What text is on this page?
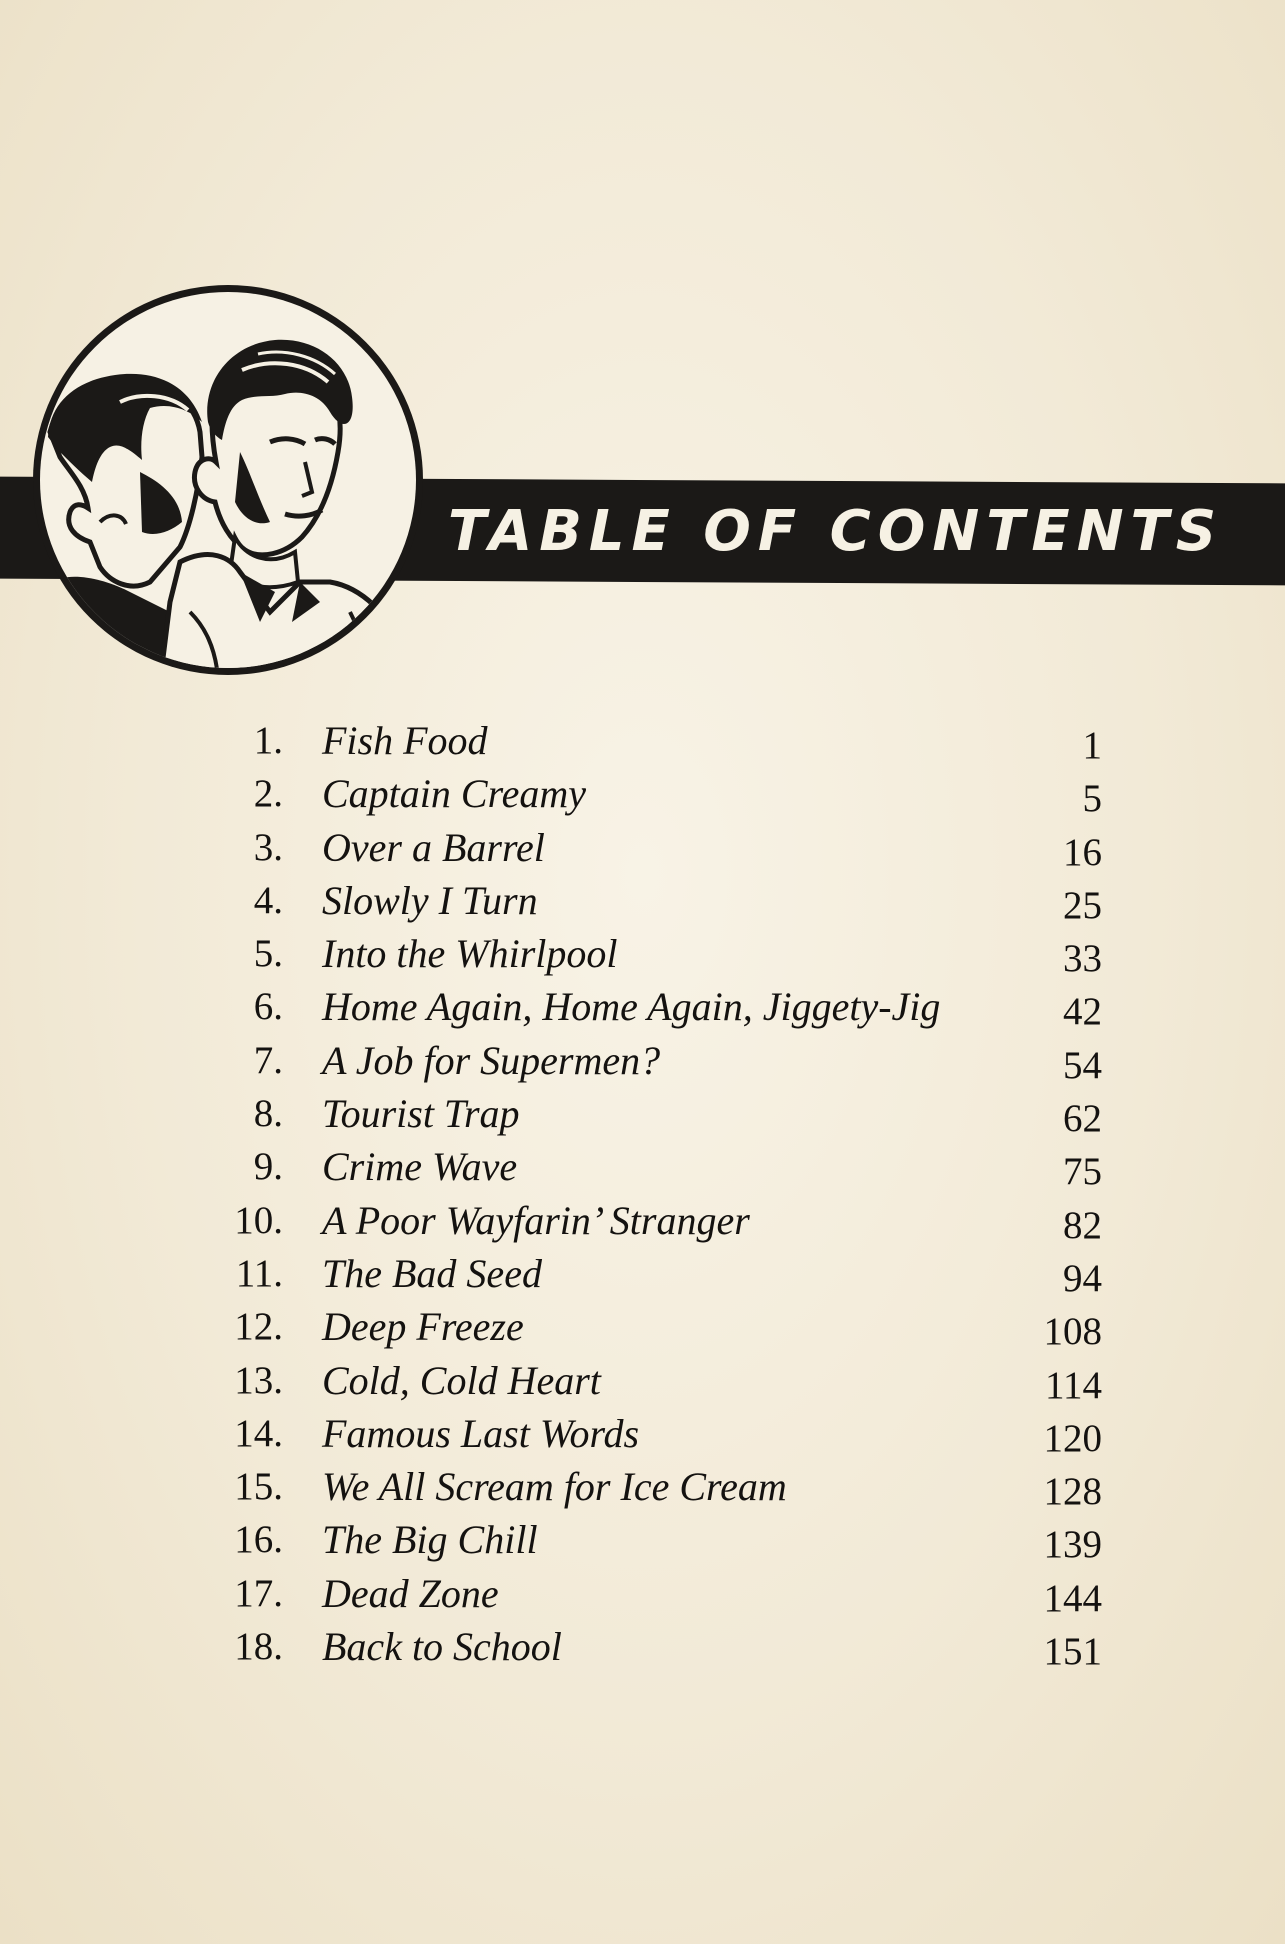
TABLE OF CONTENTS
1. Fish Food	1
2. Captain Creamy	5
3. Over a Barrel	16
4. Slowly I Turn	25
5. Into the Whirlpool	33
6. Home Again, Home Again, Jiggety-Jig	42
7. A Job for Supermen?	54
8. Tourist Trap	62
9. Crime Wave	75
10. A Poor Wayfarin’ Stranger	82
11. The Bad Seed	94
12. Deep Freeze	108
13. Cold, Cold Heart	114
14. Famous Last Words	120
15. We All Scream for Ice Cream	128
16. The Big Chill	139
17. Dead Zone	144
18. Back to School	151
